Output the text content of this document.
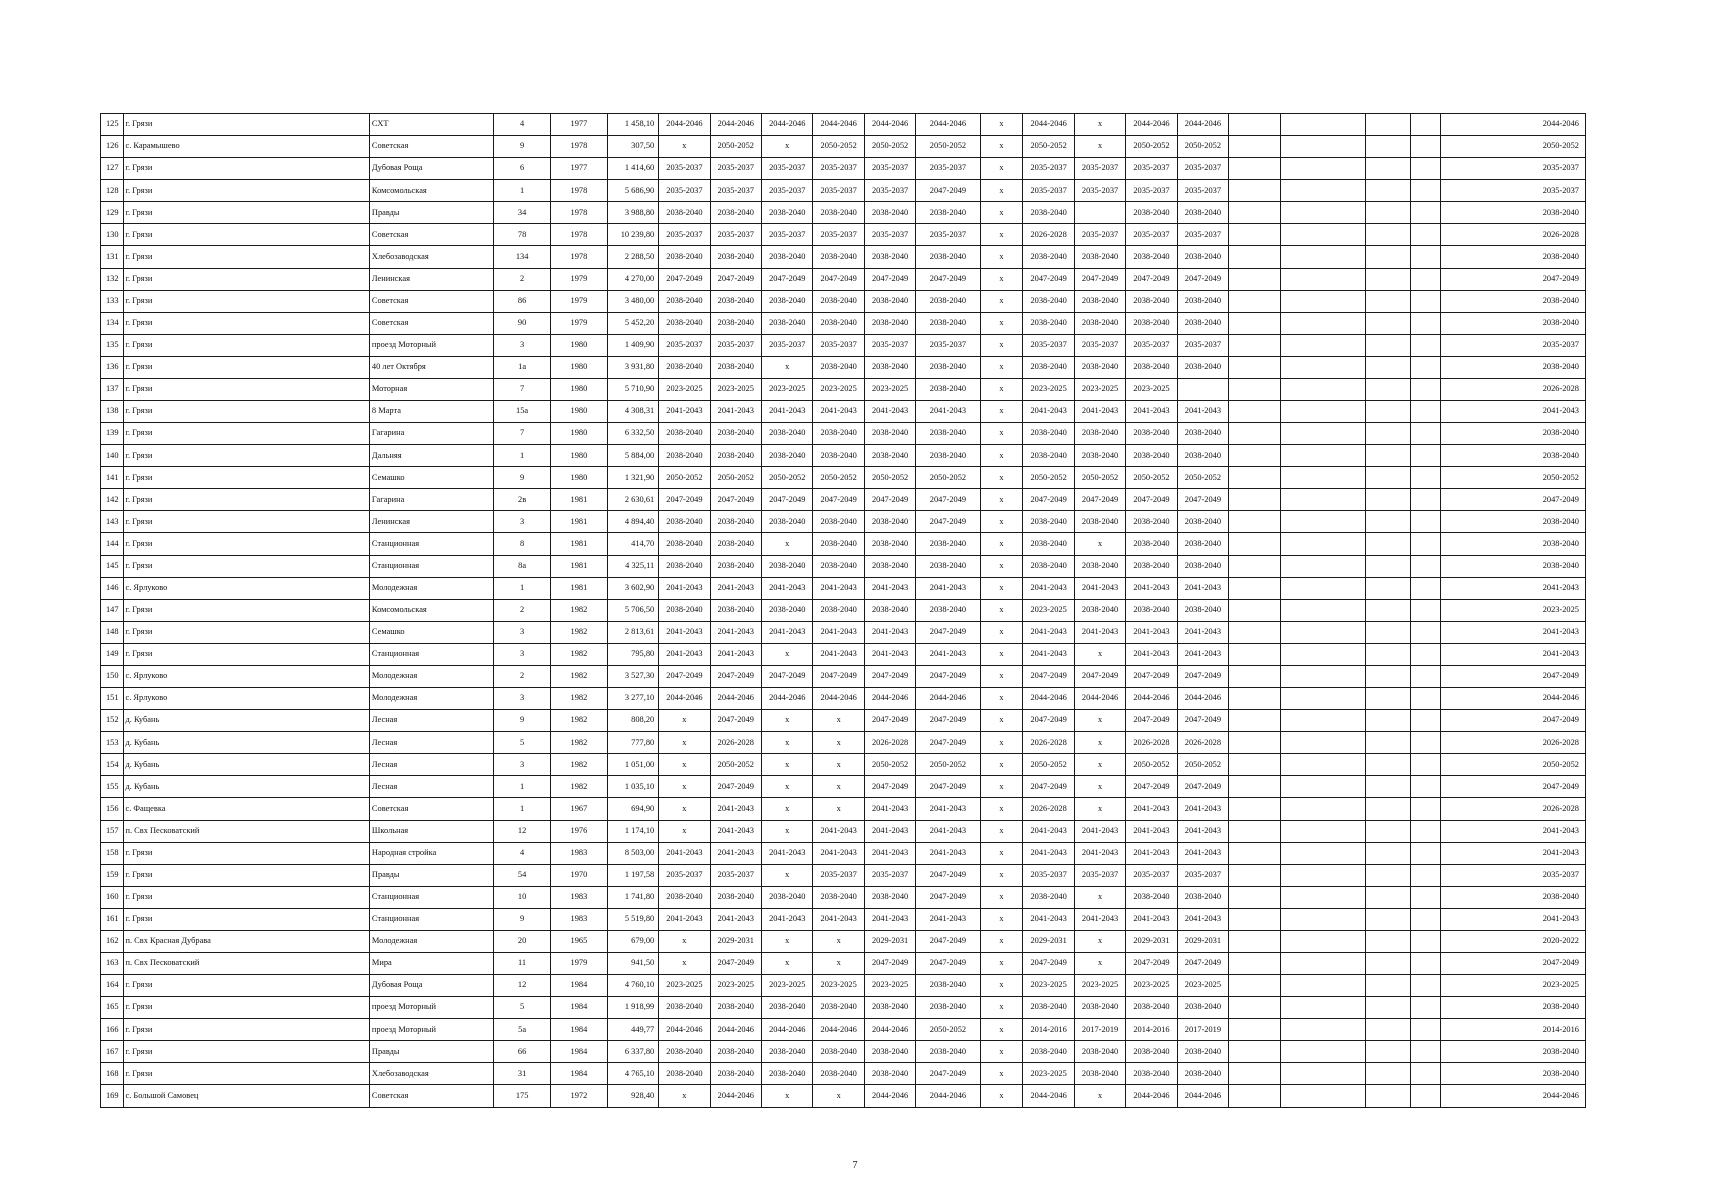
125	г. Грязи	СХТ	4	1977	1 458,10	2044-2046	2044-2046	2044-2046	2044-2046	2044-2046	2044-2046	x	2044-2046	x	2044-2046	2044-2046					2044-2046
126	с. Карамышево	Советская	9	1978	307,50	x	2050-2052	x	2050-2052	2050-2052	2050-2052	x	2050-2052	x	2050-2052	2050-2052					2050-2052
127	г. Грязи	Дубовая Роща	6	1977	1 414,60	2035-2037	2035-2037	2035-2037	2035-2037	2035-2037	2035-2037	x	2035-2037	2035-2037	2035-2037	2035-2037					2035-2037
128	г. Грязи	Комсомольская	1	1978	5 686,90	2035-2037	2035-2037	2035-2037	2035-2037	2035-2037	2047-2049	x	2035-2037	2035-2037	2035-2037	2035-2037					2035-2037
129	г. Грязи	Правды	34	1978	3 988,80	2038-2040	2038-2040	2038-2040	2038-2040	2038-2040	2038-2040	x	2038-2040		2038-2040	2038-2040					2038-2040
130	г. Грязи	Советская	78	1978	10 239,80	2035-2037	2035-2037	2035-2037	2035-2037	2035-2037	2035-2037	x	2026-2028	2035-2037	2035-2037	2035-2037					2026-2028
131	г. Грязи	Хлебозаводская	134	1978	2 288,50	2038-2040	2038-2040	2038-2040	2038-2040	2038-2040	2038-2040	x	2038-2040	2038-2040	2038-2040	2038-2040					2038-2040
132	г. Грязи	Ленинская	2	1979	4 270,00	2047-2049	2047-2049	2047-2049	2047-2049	2047-2049	2047-2049	x	2047-2049	2047-2049	2047-2049	2047-2049					2047-2049
133	г. Грязи	Советская	86	1979	3 480,00	2038-2040	2038-2040	2038-2040	2038-2040	2038-2040	2038-2040	x	2038-2040	2038-2040	2038-2040	2038-2040					2038-2040
134	г. Грязи	Советская	90	1979	5 452,20	2038-2040	2038-2040	2038-2040	2038-2040	2038-2040	2038-2040	x	2038-2040	2038-2040	2038-2040	2038-2040					2038-2040
135	г. Грязи	проезд Моторный	3	1980	1 409,90	2035-2037	2035-2037	2035-2037	2035-2037	2035-2037	2035-2037	x	2035-2037	2035-2037	2035-2037	2035-2037					2035-2037
136	г. Грязи	40 лет Октября	1а	1980	3 931,80	2038-2040	2038-2040	x	2038-2040	2038-2040	2038-2040	x	2038-2040	2038-2040	2038-2040	2038-2040					2038-2040
137	г. Грязи	Моторная	7	1980	5 710,90	2023-2025	2023-2025	2023-2025	2023-2025	2023-2025	2038-2040	x	2023-2025	2023-2025	2023-2025						2026-2028
138	г. Грязи	8 Марта	15а	1980	4 308,31	2041-2043	2041-2043	2041-2043	2041-2043	2041-2043	2041-2043	x	2041-2043	2041-2043	2041-2043	2041-2043					2041-2043
139	г. Грязи	Гагарина	7	1980	6 332,50	2038-2040	2038-2040	2038-2040	2038-2040	2038-2040	2038-2040	x	2038-2040	2038-2040	2038-2040	2038-2040					2038-2040
140	г. Грязи	Дальняя	1	1980	5 884,00	2038-2040	2038-2040	2038-2040	2038-2040	2038-2040	2038-2040	x	2038-2040	2038-2040	2038-2040	2038-2040					2038-2040
141	г. Грязи	Семашко	9	1980	1 321,90	2050-2052	2050-2052	2050-2052	2050-2052	2050-2052	2050-2052	x	2050-2052	2050-2052	2050-2052	2050-2052					2050-2052
142	г. Грязи	Гагарина	2в	1981	2 630,61	2047-2049	2047-2049	2047-2049	2047-2049	2047-2049	2047-2049	x	2047-2049	2047-2049	2047-2049	2047-2049					2047-2049
143	г. Грязи	Ленинская	3	1981	4 894,40	2038-2040	2038-2040	2038-2040	2038-2040	2038-2040	2047-2049	x	2038-2040	2038-2040	2038-2040	2038-2040					2038-2040
144	г. Грязи	Станционная	8	1981	414,70	2038-2040	2038-2040	x	2038-2040	2038-2040	2038-2040	x	2038-2040	x	2038-2040	2038-2040					2038-2040
145	г. Грязи	Станционная	8а	1981	4 325,11	2038-2040	2038-2040	2038-2040	2038-2040	2038-2040	2038-2040	x	2038-2040	2038-2040	2038-2040	2038-2040					2038-2040
146	с. Ярлуково	Молодежная	1	1981	3 602,90	2041-2043	2041-2043	2041-2043	2041-2043	2041-2043	2041-2043	x	2041-2043	2041-2043	2041-2043	2041-2043					2041-2043
147	г. Грязи	Комсомольская	2	1982	5 706,50	2038-2040	2038-2040	2038-2040	2038-2040	2038-2040	2038-2040	x	2023-2025	2038-2040	2038-2040	2038-2040					2023-2025
148	г. Грязи	Семашко	3	1982	2 813,61	2041-2043	2041-2043	2041-2043	2041-2043	2041-2043	2047-2049	x	2041-2043	2041-2043	2041-2043	2041-2043					2041-2043
149	г. Грязи	Станционная	3	1982	795,80	2041-2043	2041-2043	x	2041-2043	2041-2043	2041-2043	x	2041-2043	x	2041-2043	2041-2043					2041-2043
150	с. Ярлуково	Молодежная	2	1982	3 527,30	2047-2049	2047-2049	2047-2049	2047-2049	2047-2049	2047-2049	x	2047-2049	2047-2049	2047-2049	2047-2049					2047-2049
151	с. Ярлуково	Молодежная	3	1982	3 277,10	2044-2046	2044-2046	2044-2046	2044-2046	2044-2046	2044-2046	x	2044-2046	2044-2046	2044-2046	2044-2046					2044-2046
152	д. Кубань	Лесная	9	1982	808,20	x	2047-2049	x	x	2047-2049	2047-2049	x	2047-2049	x	2047-2049	2047-2049					2047-2049
153	д. Кубань	Лесная	5	1982	777,80	x	2026-2028	x	x	2026-2028	2047-2049	x	2026-2028	x	2026-2028	2026-2028					2026-2028
154	д. Кубань	Лесная	3	1982	1 051,00	x	2050-2052	x	x	2050-2052	2050-2052	x	2050-2052	x	2050-2052	2050-2052					2050-2052
155	д. Кубань	Лесная	1	1982	1 035,10	x	2047-2049	x	x	2047-2049	2047-2049	x	2047-2049	x	2047-2049	2047-2049					2047-2049
156	с. Фащевка	Советская	1	1967	694,90	x	2041-2043	x	x	2041-2043	2041-2043	x	2026-2028	x	2041-2043	2041-2043					2026-2028
157	п. Свх Песковатский	Школьная	12	1976	1 174,10	x	2041-2043	x	2041-2043	2041-2043	2041-2043	x	2041-2043	2041-2043	2041-2043	2041-2043					2041-2043
158	г. Грязи	Народная стройка	4	1983	8 503,00	2041-2043	2041-2043	2041-2043	2041-2043	2041-2043	2041-2043	x	2041-2043	2041-2043	2041-2043	2041-2043					2041-2043
159	г. Грязи	Правды	54	1970	1 197,58	2035-2037	2035-2037	x	2035-2037	2035-2037	2047-2049	x	2035-2037	2035-2037	2035-2037	2035-2037					2035-2037
160	г. Грязи	Станционная	10	1983	1 741,80	2038-2040	2038-2040	2038-2040	2038-2040	2038-2040	2047-2049	x	2038-2040	x	2038-2040	2038-2040					2038-2040
161	г. Грязи	Станционная	9	1983	5 519,80	2041-2043	2041-2043	2041-2043	2041-2043	2041-2043	2041-2043	x	2041-2043	2041-2043	2041-2043	2041-2043					2041-2043
162	п. Свх Красная Дубрава	Молодежная	20	1965	679,00	x	2029-2031	x	x	2029-2031	2047-2049	x	2029-2031	x	2029-2031	2029-2031					2020-2022
163	п. Свх Песковатский	Мира	11	1979	941,50	x	2047-2049	x	x	2047-2049	2047-2049	x	2047-2049	x	2047-2049	2047-2049					2047-2049
164	г. Грязи	Дубовая Роща	12	1984	4 760,10	2023-2025	2023-2025	2023-2025	2023-2025	2023-2025	2038-2040	x	2023-2025	2023-2025	2023-2025	2023-2025					2023-2025
165	г. Грязи	проезд Моторный	5	1984	1 918,99	2038-2040	2038-2040	2038-2040	2038-2040	2038-2040	2038-2040	x	2038-2040	2038-2040	2038-2040	2038-2040					2038-2040
166	г. Грязи	проезд Моторный	5а	1984	449,77	2044-2046	2044-2046	2044-2046	2044-2046	2044-2046	2050-2052	x	2014-2016	2017-2019	2014-2016	2017-2019					2014-2016
167	г. Грязи	Правды	66	1984	6 337,80	2038-2040	2038-2040	2038-2040	2038-2040	2038-2040	2038-2040	x	2038-2040	2038-2040	2038-2040	2038-2040					2038-2040
168	г. Грязи	Хлебозаводская	31	1984	4 765,10	2038-2040	2038-2040	2038-2040	2038-2040	2038-2040	2047-2049	x	2023-2025	2038-2040	2038-2040	2038-2040					2038-2040
169	с. Большой Самовец	Советская	175	1972	928,40	x	2044-2046	x	x	2044-2046	2044-2046	x	2044-2046	x	2044-2046	2044-2046					2044-2046
7
